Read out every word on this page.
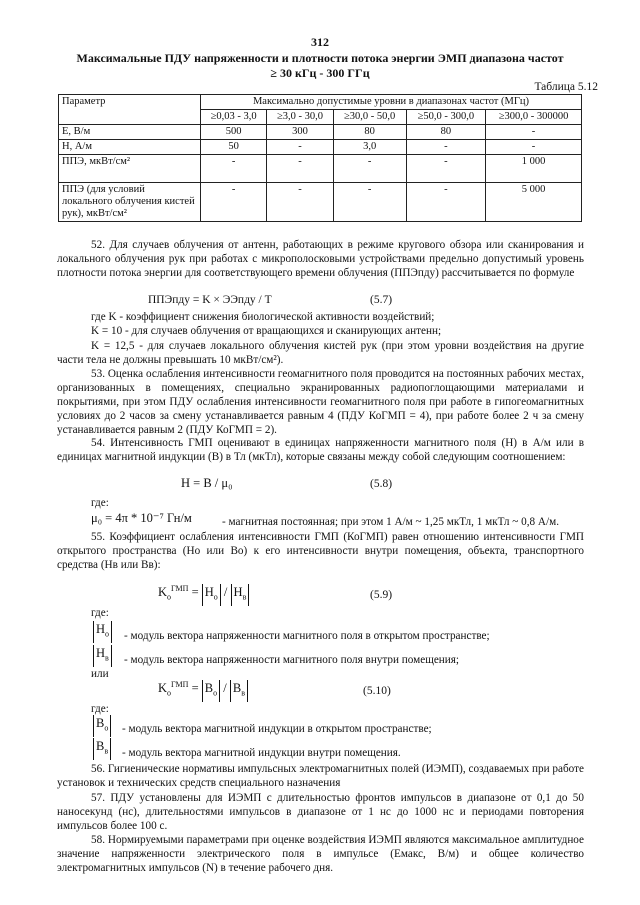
312
Максимальные ПДУ напряженности и плотности потока энергии ЭМП диапазона частот
≥ 30 кГц - 300 ГГц
Таблица 5.12
Параметр	Максимально допустимые уровни в диапазонах частот (МГц)				
	≥0,03 - 3,0	≥3,0 - 30,0	≥30,0 - 50,0	≥50,0 - 300,0	≥300,0 - 300000
E, В/м	500	300	80	80	-
H, А/м	50	-	3,0	-	-
ППЭ, мкВт/см²	-	-	-	-	1 000
ППЭ (для условий локального облучения кистей рук), мкВт/см²	-	-	-	-	5 000
52. Для случаев облучения от антенн, работающих в режиме кругового обзора или сканирования и локального облучения рук при работах с микрополосковыми устройствами предельно допустимый уровень плотности потока энергии для соответствующего времени облучения (ППЭпду) рассчитывается по формуле
ППЭпду = K × ЭЭпду / T	(5.7)
где K - коэффициент снижения биологической активности воздействий;
K = 10 - для случаев облучения от вращающихся и сканирующих антенн;
K = 12,5 - для случаев локального облучения кистей рук (при этом уровни воздействия на другие части тела не должны превышать 10 мкВт/см²).
53. Оценка ослабления интенсивности геомагнитного поля проводится на постоянных рабочих местах, организованных в помещениях, специально экранированных радиопоглощающими материалами и покрытиями, при этом ПДУ ослабления интенсивности геомагнитного поля при работе в гипогеомагнитных условиях до 2 часов за смену устанавливается равным 4 (ПДУ КоГМП = 4), при работе более 2 ч за смену устанавливается равным 2 (ПДУ КоГМП = 2).
54. Интенсивность ГМП оценивают в единицах напряженности магнитного поля (H) в А/м или в единицах магнитной индукции (B) в Тл (мкТл), которые связаны между собой следующим соотношением:
H = B / μ₀	(5.8)
где:
μ₀ = 4π * 10⁻⁷ Гн/м	- магнитная постоянная; при этом 1 А/м ~ 1,25 мкТл, 1 мкТл ~ 0,8 А/м.
55. Коэффициент ослабления интенсивности ГМП (КоГМП) равен отношению интенсивности ГМП открытого пространства (Ho или Bo) к его интенсивности внутри помещения, объекта, транспортного средства (Hв или Bв):
$K_o^{ГМП} = H_o / H_в$	(5.9)
где:
$H_o$ - модуль вектора напряженности магнитного поля в открытом пространстве;
$H_в$ - модуль вектора напряженности магнитного поля внутри помещения;
или
$K_o^{ГМП} = B_o / B_в$	(5.10)
где:
$B_o$ - модуль вектора магнитной индукции в открытом пространстве;
$B_в$ - модуль вектора магнитной индукции внутри помещения.
56. Гигиенические нормативы импульсных электромагнитных полей (ИЭМП), создаваемых при работе установок и технических средств специального назначения
57. ПДУ установлены для ИЭМП с длительностью фронтов импульсов в диапазоне от 0,1 до 50 наносекунд (нс), длительностями импульсов в диапазоне от 1 нс до 1000 нс и периодами повторения импульсов более 100 с.
58. Нормируемыми параметрами при оценке воздействия ИЭМП являются максимальное амплитудное значение напряженности электрического поля в импульсе (Eмакс, В/м) и общее количество электромагнитных импульсов (N) в течение рабочего дня.
